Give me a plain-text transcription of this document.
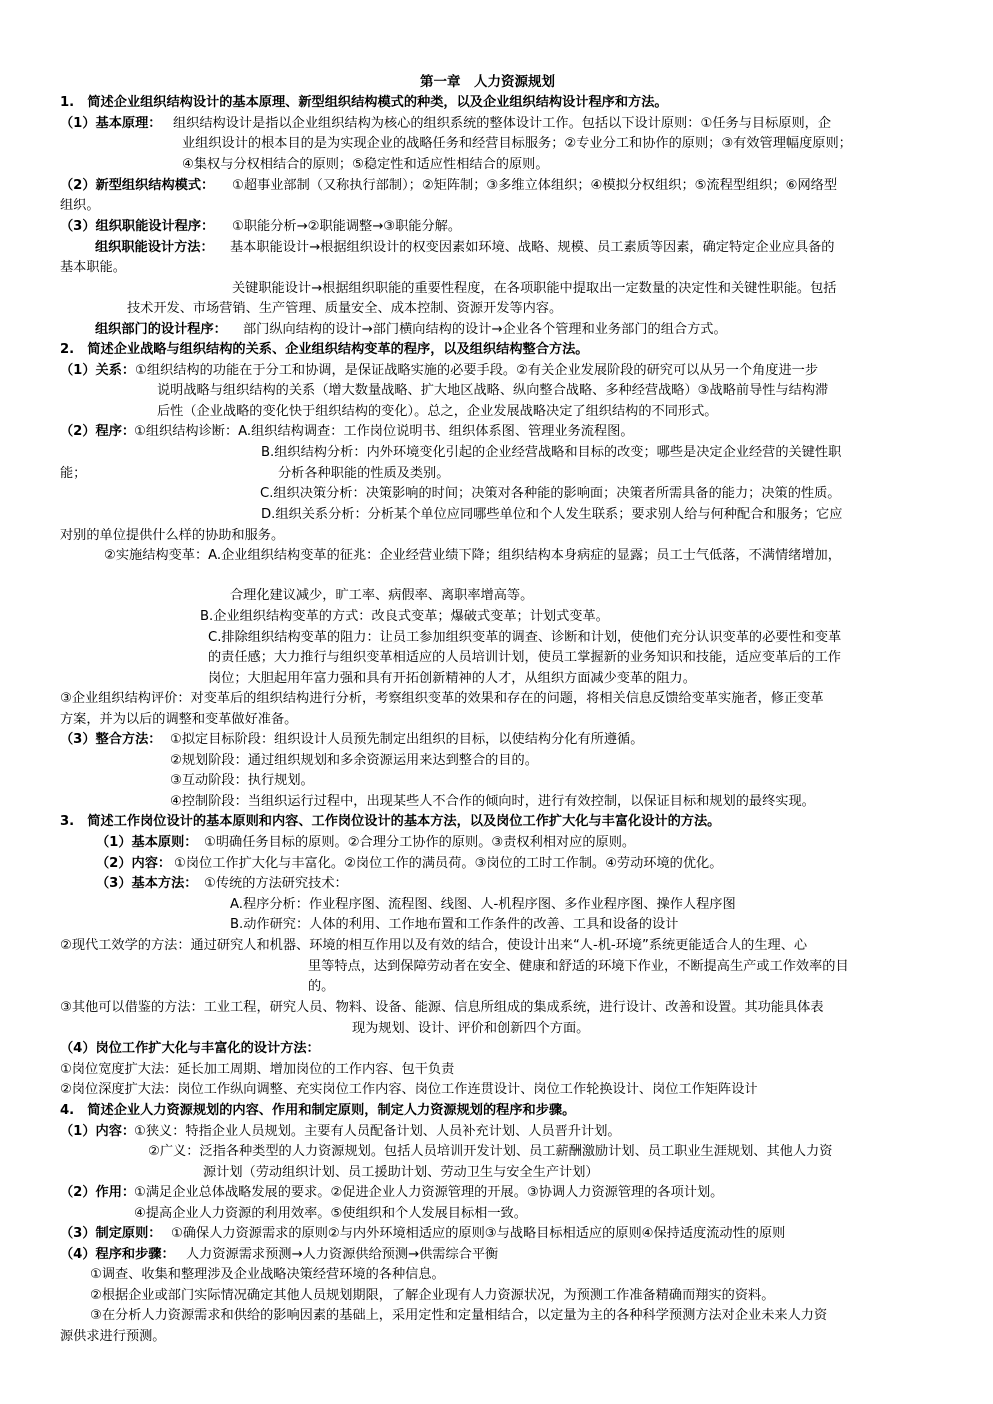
第一章　人力资源规划
1.　简述企业组织结构设计的基本原理、新型组织结构模式的种类，以及企业组织结构设计程序和方法。
（1）基本原理： 组织结构设计是指以企业组织结构为核心的组织系统的整体设计工作。包括以下设计原则：①任务与目标原则，企
业组织设计的根本目的是为实现企业的战略任务和经营目标服务；②专业分工和协作的原则；③有效管理幅度原则；
④集权与分权相结合的原则；⑤稳定性和适应性相结合的原则。
（2）新型组织结构模式： ①超事业部制（又称执行部制）；②矩阵制；③多维立体组织；④模拟分权组织；⑤流程型组织；⑥网络型
组织。
（3）组织职能设计程序： ①职能分析→②职能调整→③职能分解。
组织职能设计方法： 基本职能设计→根据组织设计的权变因素如环境、战略、规模、员工素质等因素，确定特定企业应具备的
基本职能。
关键职能设计→根据组织职能的重要性程度，在各项职能中提取出一定数量的决定性和关键性职能。包括
技术开发、市场营销、生产管理、质量安全、成本控制、资源开发等内容。
组织部门的设计程序： 部门纵向结构的设计→部门横向结构的设计→企业各个管理和业务部门的组合方式。
2.　简述企业战略与组织结构的关系、企业组织结构变革的程序，以及组织结构整合方法。
（1）关系： ①组织结构的功能在于分工和协调，是保证战略实施的必要手段。②有关企业发展阶段的研究可以从另一个角度进一步
说明战略与组织结构的关系（增大数量战略、扩大地区战略、纵向整合战略、多种经营战略）③战略前导性与结构滞
后性（企业战略的变化快于组织结构的变化）。总之，企业发展战略决定了组织结构的不同形式。
（2）程序：
①组织结构诊断：A.组织结构调查：工作岗位说明书、组织体系图、管理业务流程图。
B.组织结构分析：内外环境变化引起的企业经营战略和目标的改变；哪些是决定企业经营的关键性职
能；	分析各种职能的性质及类别。
C.组织决策分析：决策影响的时间；决策对各种能的影响面；决策者所需具备的能力；决策的性质。
D.组织关系分析：分析某个单位应同哪些单位和个人发生联系；要求别人给与何种配合和服务；它应
对别的单位提供什么样的协助和服务。
②实施结构变革：A.企业组织结构变革的征兆：企业经营业绩下降；组织结构本身病症的显露；员工士气低落，不满情绪增加，
合理化建议减少，旷工率、病假率、离职率增高等。
B.企业组织结构变革的方式：改良式变革；爆破式变革；计划式变革。
C.排除组织结构变革的阻力：让员工参加组织变革的调查、诊断和计划，使他们充分认识变革的必要性和变革
的责任感；大力推行与组织变革相适应的人员培训计划，使员工掌握新的业务知识和技能，适应变革后的工作
岗位；大胆起用年富力强和具有开拓创新精神的人才，从组织方面减少变革的阻力。
③企业组织结构评价：对变革后的组织结构进行分析，考察组织变革的效果和存在的问题，将相关信息反馈给变革实施者，修正变革
方案，并为以后的调整和变革做好准备。
（3）整合方法： ①拟定目标阶段：组织设计人员预先制定出组织的目标，以使结构分化有所遵循。
②规划阶段：通过组织规划和多余资源运用来达到整合的目的。
③互动阶段：执行规划。
④控制阶段：当组织运行过程中，出现某些人不合作的倾向时，进行有效控制，以保证目标和规划的最终实现。
3.　简述工作岗位设计的基本原则和内容、工作岗位设计的基本方法，以及岗位工作扩大化与丰富化设计的方法。
（1）基本原则： ①明确任务目标的原则。②合理分工协作的原则。③责权利相对应的原则。
（2）内容： ①岗位工作扩大化与丰富化。②岗位工作的满员荷。③岗位的工时工作制。④劳动环境的优化。
（3）基本方法： ①传统的方法研究技术：
A.程序分析：作业程序图、流程图、线图、人-机程序图、多作业程序图、操作人程序图
B.动作研究：人体的利用、工作地布置和工作条件的改善、工具和设备的设计
②现代工效学的方法：通过研究人和机器、环境的相互作用以及有效的结合，使设计出来“人-机-环境”系统更能适合人的生理、心
里等特点，达到保障劳动者在安全、健康和舒适的环境下作业，不断提高生产或工作效率的目
的。
③其他可以借鉴的方法：工业工程，研究人员、物料、设备、能源、信息所组成的集成系统，进行设计、改善和设置。其功能具体表
现为规划、设计、评价和创新四个方面。
（4）岗位工作扩大化与丰富化的设计方法：
①岗位宽度扩大法：延长加工周期、增加岗位的工作内容、包干负责
②岗位深度扩大法：岗位工作纵向调整、充实岗位工作内容、岗位工作连贯设计、岗位工作轮换设计、岗位工作矩阵设计
4.　简述企业人力资源规划的内容、作用和制定原则，制定人力资源规划的程序和步骤。
（1）内容：
①狭义：特指企业人员规划。主要有人员配备计划、人员补充计划、人员晋升计划。
②广义：泛指各种类型的人力资源规划。包括人员培训开发计划、员工薪酬激励计划、员工职业生涯规划、其他人力资
源计划（劳动组织计划、员工援助计划、劳动卫生与安全生产计划）
（2）作用：
①满足企业总体战略发展的要求。②促进企业人力资源管理的开展。③协调人力资源管理的各项计划。
④提高企业人力资源的利用效率。⑤使组织和个人发展目标相一致。
（3）制定原则： ①确保人力资源需求的原则②与内外环境相适应的原则③与战略目标相适应的原则④保持适度流动性的原则
（4）程序和步骤： 人力资源需求预测→人力资源供给预测→供需综合平衡
①调查、收集和整理涉及企业战略决策经营环境的各种信息。
②根据企业或部门实际情况确定其他人员规划期限，了解企业现有人力资源状况，为预测工作准备精确而翔实的资料。
③在分析人力资源需求和供给的影响因素的基础上，采用定性和定量相结合，以定量为主的各种科学预测方法对企业未来人力资
源供求进行预测。
